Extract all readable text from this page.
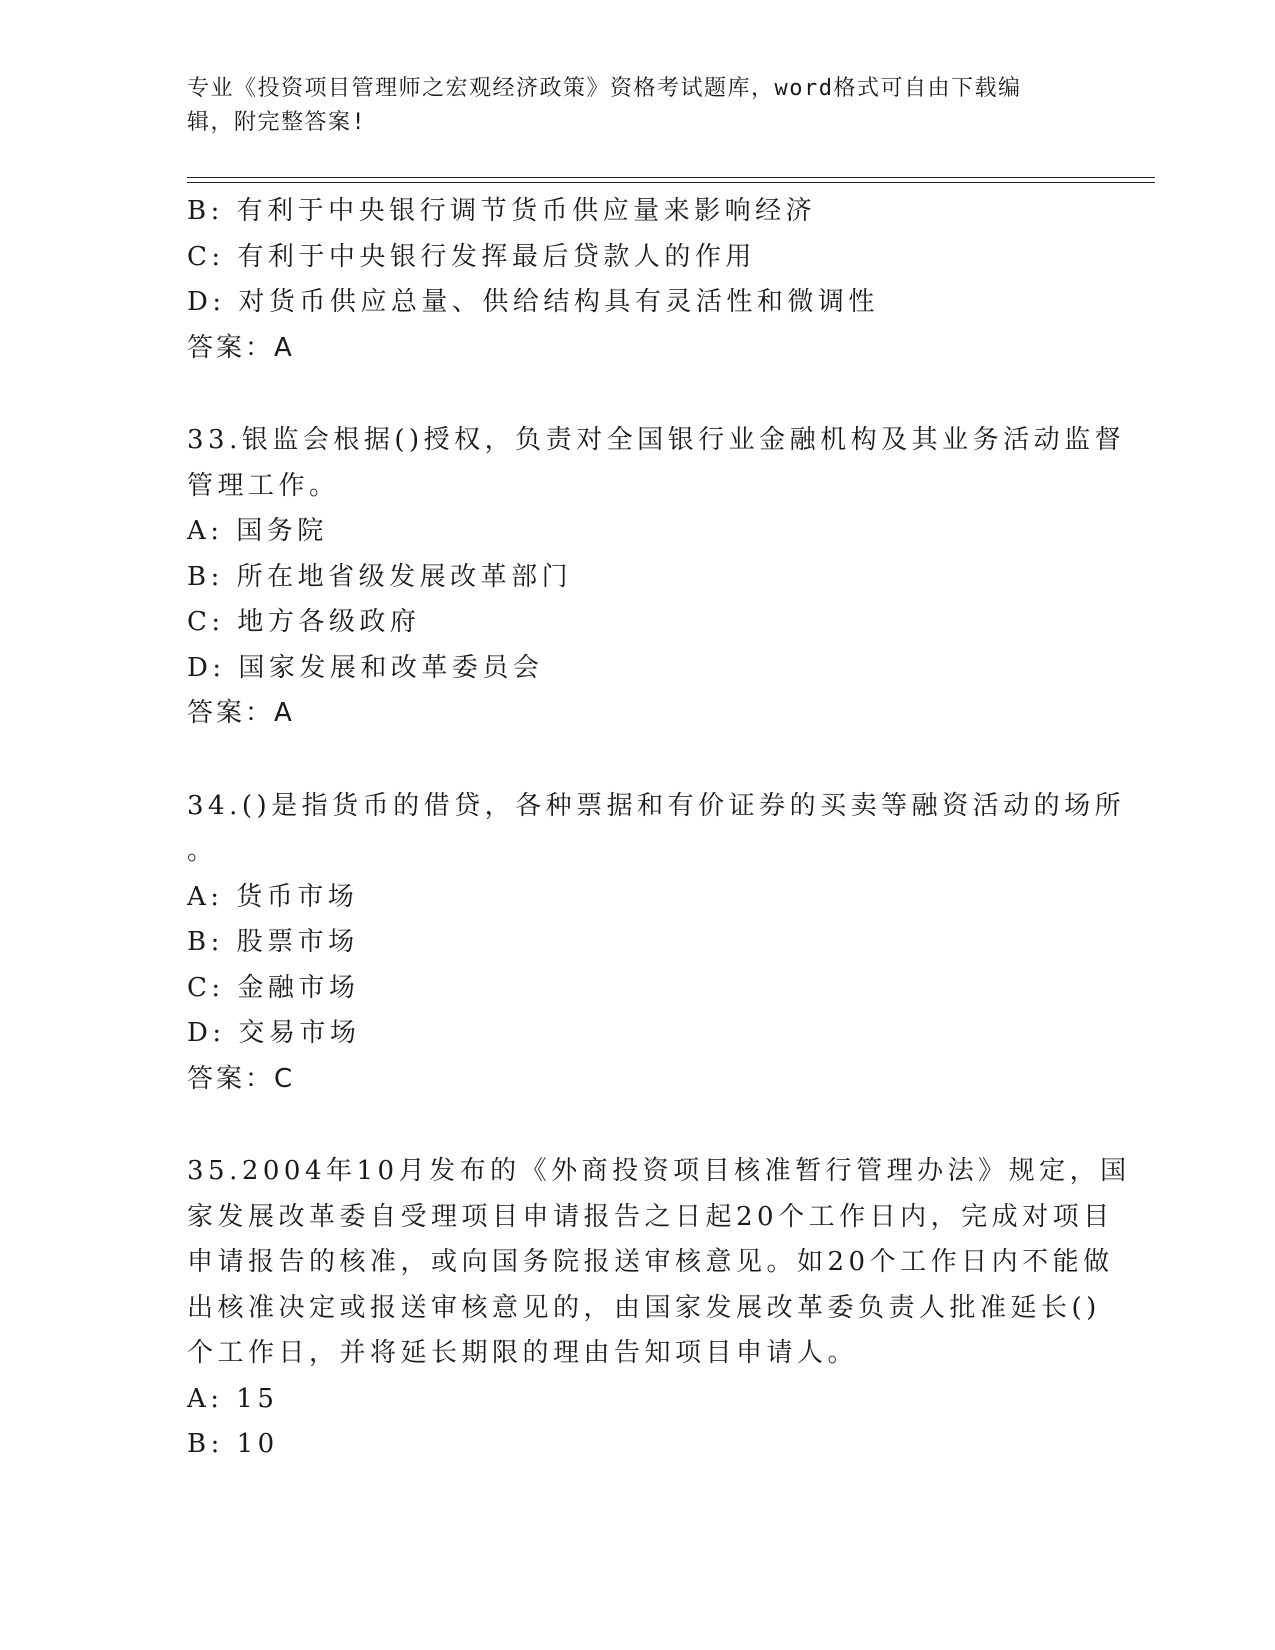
专业《投资项目管理师之宏观经济政策》资格考试题库，word格式可自由下载编
辑，附完整答案!
B: 有利于中央银行调节货币供应量来影响经济
C: 有利于中央银行发挥最后贷款人的作用
D: 对货币供应总量、供给结构具有灵活性和微调性
答案：A
33.银监会根据()授权，负责对全国银行业金融机构及其业务活动监督
管理工作。
A: 国务院
B: 所在地省级发展改革部门
C: 地方各级政府
D: 国家发展和改革委员会
答案：A
34.()是指货币的借贷，各种票据和有价证券的买卖等融资活动的场所
。
A: 货币市场
B: 股票市场
C: 金融市场
D: 交易市场
答案：C
35.2004年10月发布的《外商投资项目核准暂行管理办法》规定，国
家发展改革委自受理项目申请报告之日起20个工作日内，完成对项目
申请报告的核准，或向国务院报送审核意见。如20个工作日内不能做
出核准决定或报送审核意见的，由国家发展改革委负责人批准延长()
个工作日，并将延长期限的理由告知项目申请人。
A: 15
B: 10
